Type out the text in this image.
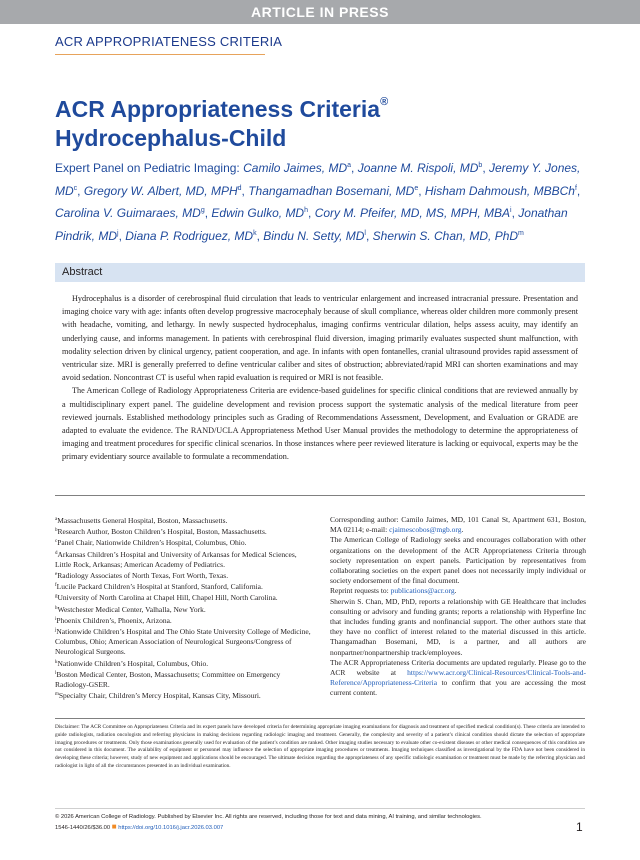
ARTICLE IN PRESS
ACR APPROPRIATENESS CRITERIA
ACR Appropriateness Criteria®
Hydrocephalus-Child
Expert Panel on Pediatric Imaging: Camilo Jaimes, $MD^a$, Joanne M. Rispoli, $MD^b$, Jeremy Y. Jones, $MD^c$, Gregory W. Albert, MD, MPH$^d$, Thangamadhan Bosemani, MDe, Hisham Dahmoush, MBBCh$^f$, Carolina V. Guimaraes, $MD^g$, Edwin Gulko, $MD^h$, Cory M. Pfeifer, MD, MS, MPH, MBA$^i$, Jonathan Pindrik, $MD^j$, Diana P. Rodriguez, $MD^k$, Bindu N. Setty, $MD^l$, Sherwin S. Chan, MD, PhD$^m$
Abstract

Hydrocephalus is a disorder of cerebrospinal fluid circulation that leads to ventricular enlargement and increased intracranial pressure. Presentation and imaging choice vary with age: infants often develop progressive macrocephaly because of skull compliance, whereas older children more commonly present with headache, vomiting, and lethargy. In newly suspected hydrocephalus, imaging confirms ventricular dilation, helps assess acuity, may identify an underlying cause, and informs management. In patients with cerebrospinal fluid diversion, imaging primarily evaluates suspected shunt malfunction, with modality selection driven by clinical urgency, patient cooperation, and age. In infants with open fontanelles, cranial ultrasound provides rapid assessment of ventricular size. MRI is generally preferred to define ventricular caliber and sites of obstruction; abbreviated/rapid MRI can shorten examinations and may avoid sedation. Noncontrast CT is useful when rapid evaluation is required or MRI is not feasible.

The American College of Radiology Appropriateness Criteria are evidence-based guidelines for specific clinical conditions that are reviewed annually by a multidisciplinary expert panel. The guideline development and revision process support the systematic analysis of the medical literature from peer reviewed journals. Established methodology principles such as Grading of Recommendations Assessment, Development, and Evaluation or GRADE are adapted to evaluate the evidence. The RAND/UCLA Appropriateness Method User Manual provides the methodology to determine the appropriateness of imaging and treatment procedures for specific clinical scenarios. In those instances where peer reviewed literature is lacking or equivocal, experts may be the primary evidentiary source available to formulate a recommendation.

$^a$Massachusetts General Hospital, Boston, Massachusetts.
$^b$Research Author, Boston Children’s Hospital, Boston, Massachusetts.
$^c$Panel Chair, Nationwide Children’s Hospital, Columbus, Ohio.
$^d$Arkansas Children’s Hospital and University of Arkansas for Medical Sciences, Little Rock, Arkansas; American Academy of Pediatrics.
$^e$Radiology Associates of North Texas, Fort Worth, Texas.
$^f$Lucile Packard Children’s Hospital at Stanford, Stanford, California.
$^g$University of North Carolina at Chapel Hill, Chapel Hill, North Carolina.
$^h$Westchester Medical Center, Valhalla, New York.
$^i$Phoenix Children’s, Phoenix, Arizona.
$^j$Nationwide Children’s Hospital and The Ohio State University College of Medicine, Columbus, Ohio; American Association of Neurological Surgeons/Congress of Neurological Surgeons.
$^k$Nationwide Children’s Hospital, Columbus, Ohio.
$^l$Boston Medical Center, Boston, Massachusetts; Committee on Emergency Radiology-GSER.
$^m$Specialty Chair, Children’s Mercy Hospital, Kansas City, Missouri.

Corresponding author: Camilo Jaimes, MD, 101 Canal St, Apartment 631, Boston, MA 02114; e-mail: cjaimescobos@mgb.org.

The American College of Radiology seeks and encourages collaboration with other organizations on the development of the ACR Appropriateness Criteria through society representation on expert panels. Participation by representatives from collaborating societies on the expert panel does not necessarily imply individual or society endorsement of the final document.

Reprint requests to: publications@acr.org.

Sherwin S. Chan, MD, PhD, reports a relationship with GE Healthcare that includes consulting or advisory and funding grants; reports a relationship with Hyperfine Inc that includes funding grants and nonfinancial support. The other authors state that they have no conflict of interest related to the material discussed in this article. Thangamadhan Bosemani, MD, is a partner, and all authors are nonpartner/nonpartnership track/employees.

The ACR Appropriateness Criteria documents are updated regularly. Please go to the ACR website at https://www.acr.org/Clinical-Resources/Clinical-Tools-and-Reference/Appropriateness-Criteria to confirm that you are accessing the most current content.

Disclaimer: The ACR Committee on Appropriateness Criteria and its expert panels have developed criteria for determining appropriate imaging examinations for diagnosis and treatment of specified medical condition(s). These criteria are intended to guide radiologists, radiation oncologists and referring physicians in making decisions regarding radiologic imaging and treatment. Generally, the complexity and severity of a patient’s clinical condition should dictate the selection of appropriate imaging procedures or treatments. Only those examinations generally used for evaluation of the patient’s condition are ranked. Other imaging studies necessary to evaluate other co-existent diseases or other medical consequences of this condition are not considered in this document. The availability of equipment or personnel may influence the selection of appropriate imaging procedures or treatments. Imaging techniques classified as investigational by the FDA have not been considered in developing these criteria; however, study of new equipment and applications should be encouraged. The ultimate decision regarding the appropriateness of any specific radiologic examination or treatment must be made by the referring physician and radiologist in light of all the circumstances presented in an individual examination.
© 2026 American College of Radiology. Published by Elsevier Inc. All rights are reserved, including those for text and data mining, AI training, and similar technologies.
1546-1440/26/$36.00 ■ https://doi.org/10.1016/j.jacr.2026.03.007	1
